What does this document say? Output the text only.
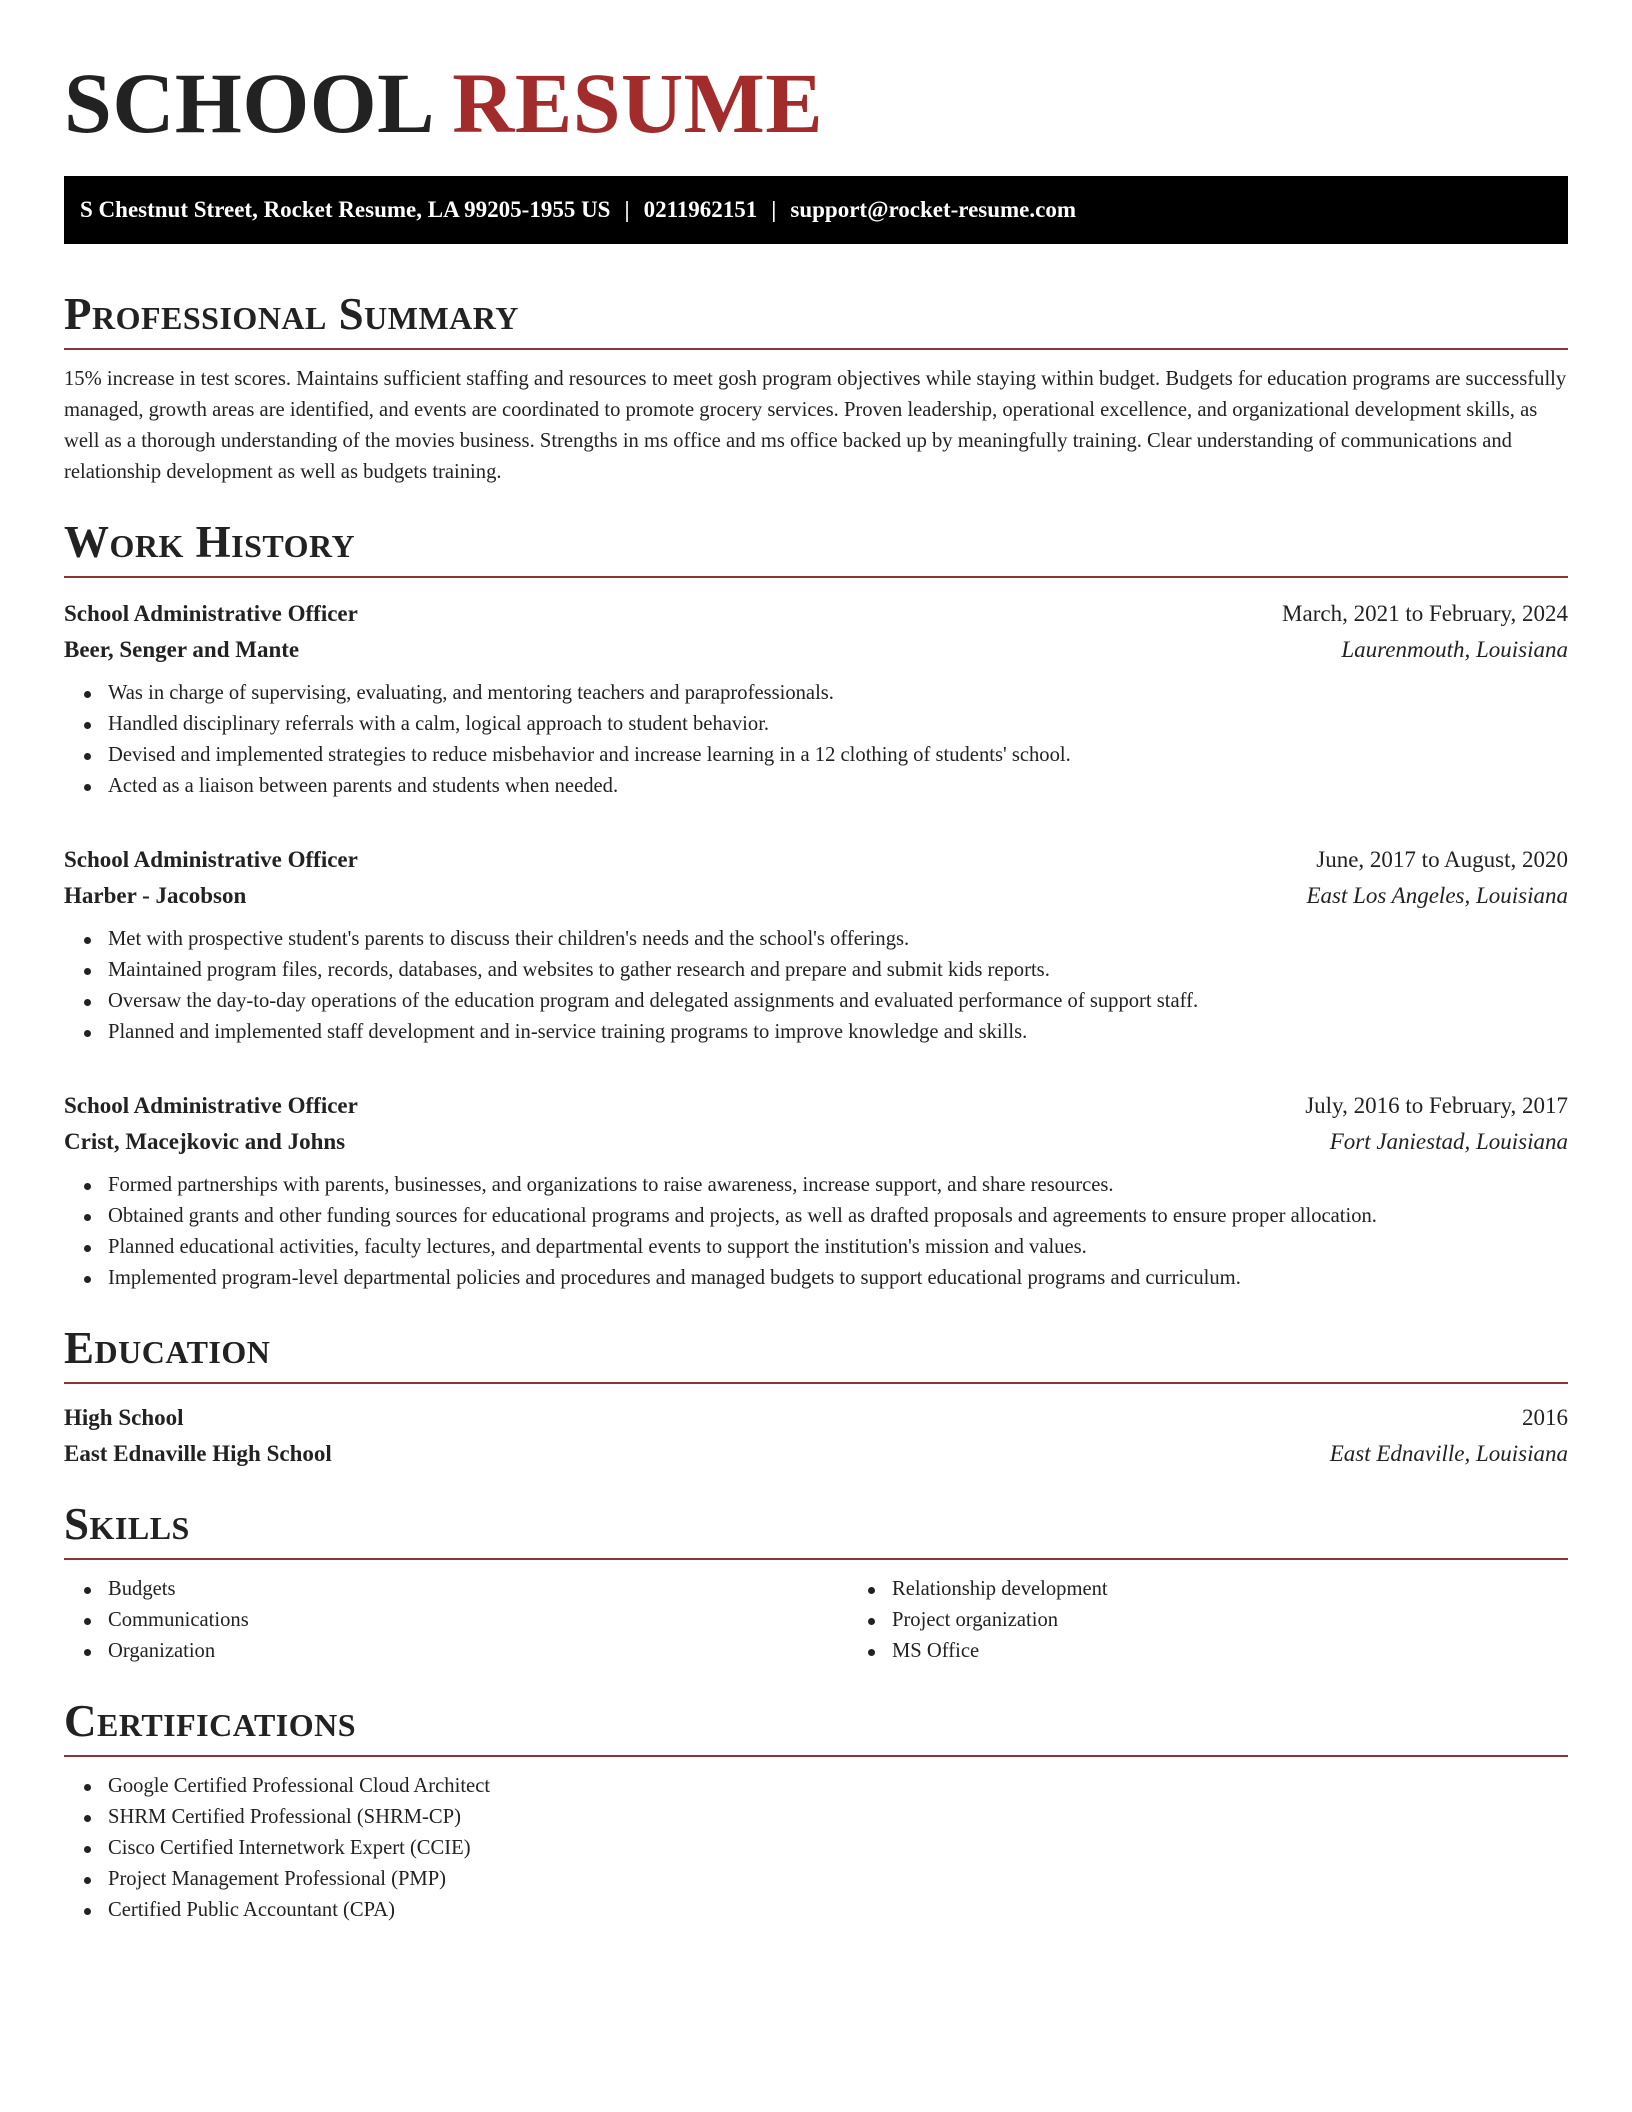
SCHOOL RESUME
S Chestnut Street, Rocket Resume, LA 99205-1955 US | 0211962151 | support@rocket-resume.com
Professional Summary

15% increase in test scores. Maintains sufficient staffing and resources to meet gosh program objectives while staying within budget. Budgets for education programs are successfully managed, growth areas are identified, and events are coordinated to promote grocery services. Proven leadership, operational excellence, and organizational development skills, as well as a thorough understanding of the movies business. Strengths in ms office and ms office backed up by meaningfully training. Clear understanding of communications and relationship development as well as budgets training.

Work History
School Administrative Officer	March, 2021 to February, 2024
Beer, Senger and Mante	Laurenmouth, Louisiana
Was in charge of supervising, evaluating, and mentoring teachers and paraprofessionals.
Handled disciplinary referrals with a calm, logical approach to student behavior.
Devised and implemented strategies to reduce misbehavior and increase learning in a 12 clothing of students' school.
Acted as a liaison between parents and students when needed.
School Administrative Officer	June, 2017 to August, 2020
Harber - Jacobson	East Los Angeles, Louisiana
Met with prospective student's parents to discuss their children's needs and the school's offerings.
Maintained program files, records, databases, and websites to gather research and prepare and submit kids reports.
Oversaw the day-to-day operations of the education program and delegated assignments and evaluated performance of support staff.
Planned and implemented staff development and in-service training programs to improve knowledge and skills.
School Administrative Officer	July, 2016 to February, 2017
Crist, Macejkovic and Johns	Fort Janiestad, Louisiana
Formed partnerships with parents, businesses, and organizations to raise awareness, increase support, and share resources.
Obtained grants and other funding sources for educational programs and projects, as well as drafted proposals and agreements to ensure proper allocation.
Planned educational activities, faculty lectures, and departmental events to support the institution's mission and values.
Implemented program-level departmental policies and procedures and managed budgets to support educational programs and curriculum.
Education
High School	2016
East Ednaville High School	East Ednaville, Louisiana
Skills
Budgets
Communications
Organization
Relationship development
Project organization
MS Office
Certifications
Google Certified Professional Cloud Architect
SHRM Certified Professional (SHRM-CP)
Cisco Certified Internetwork Expert (CCIE)
Project Management Professional (PMP)
Certified Public Accountant (CPA)
